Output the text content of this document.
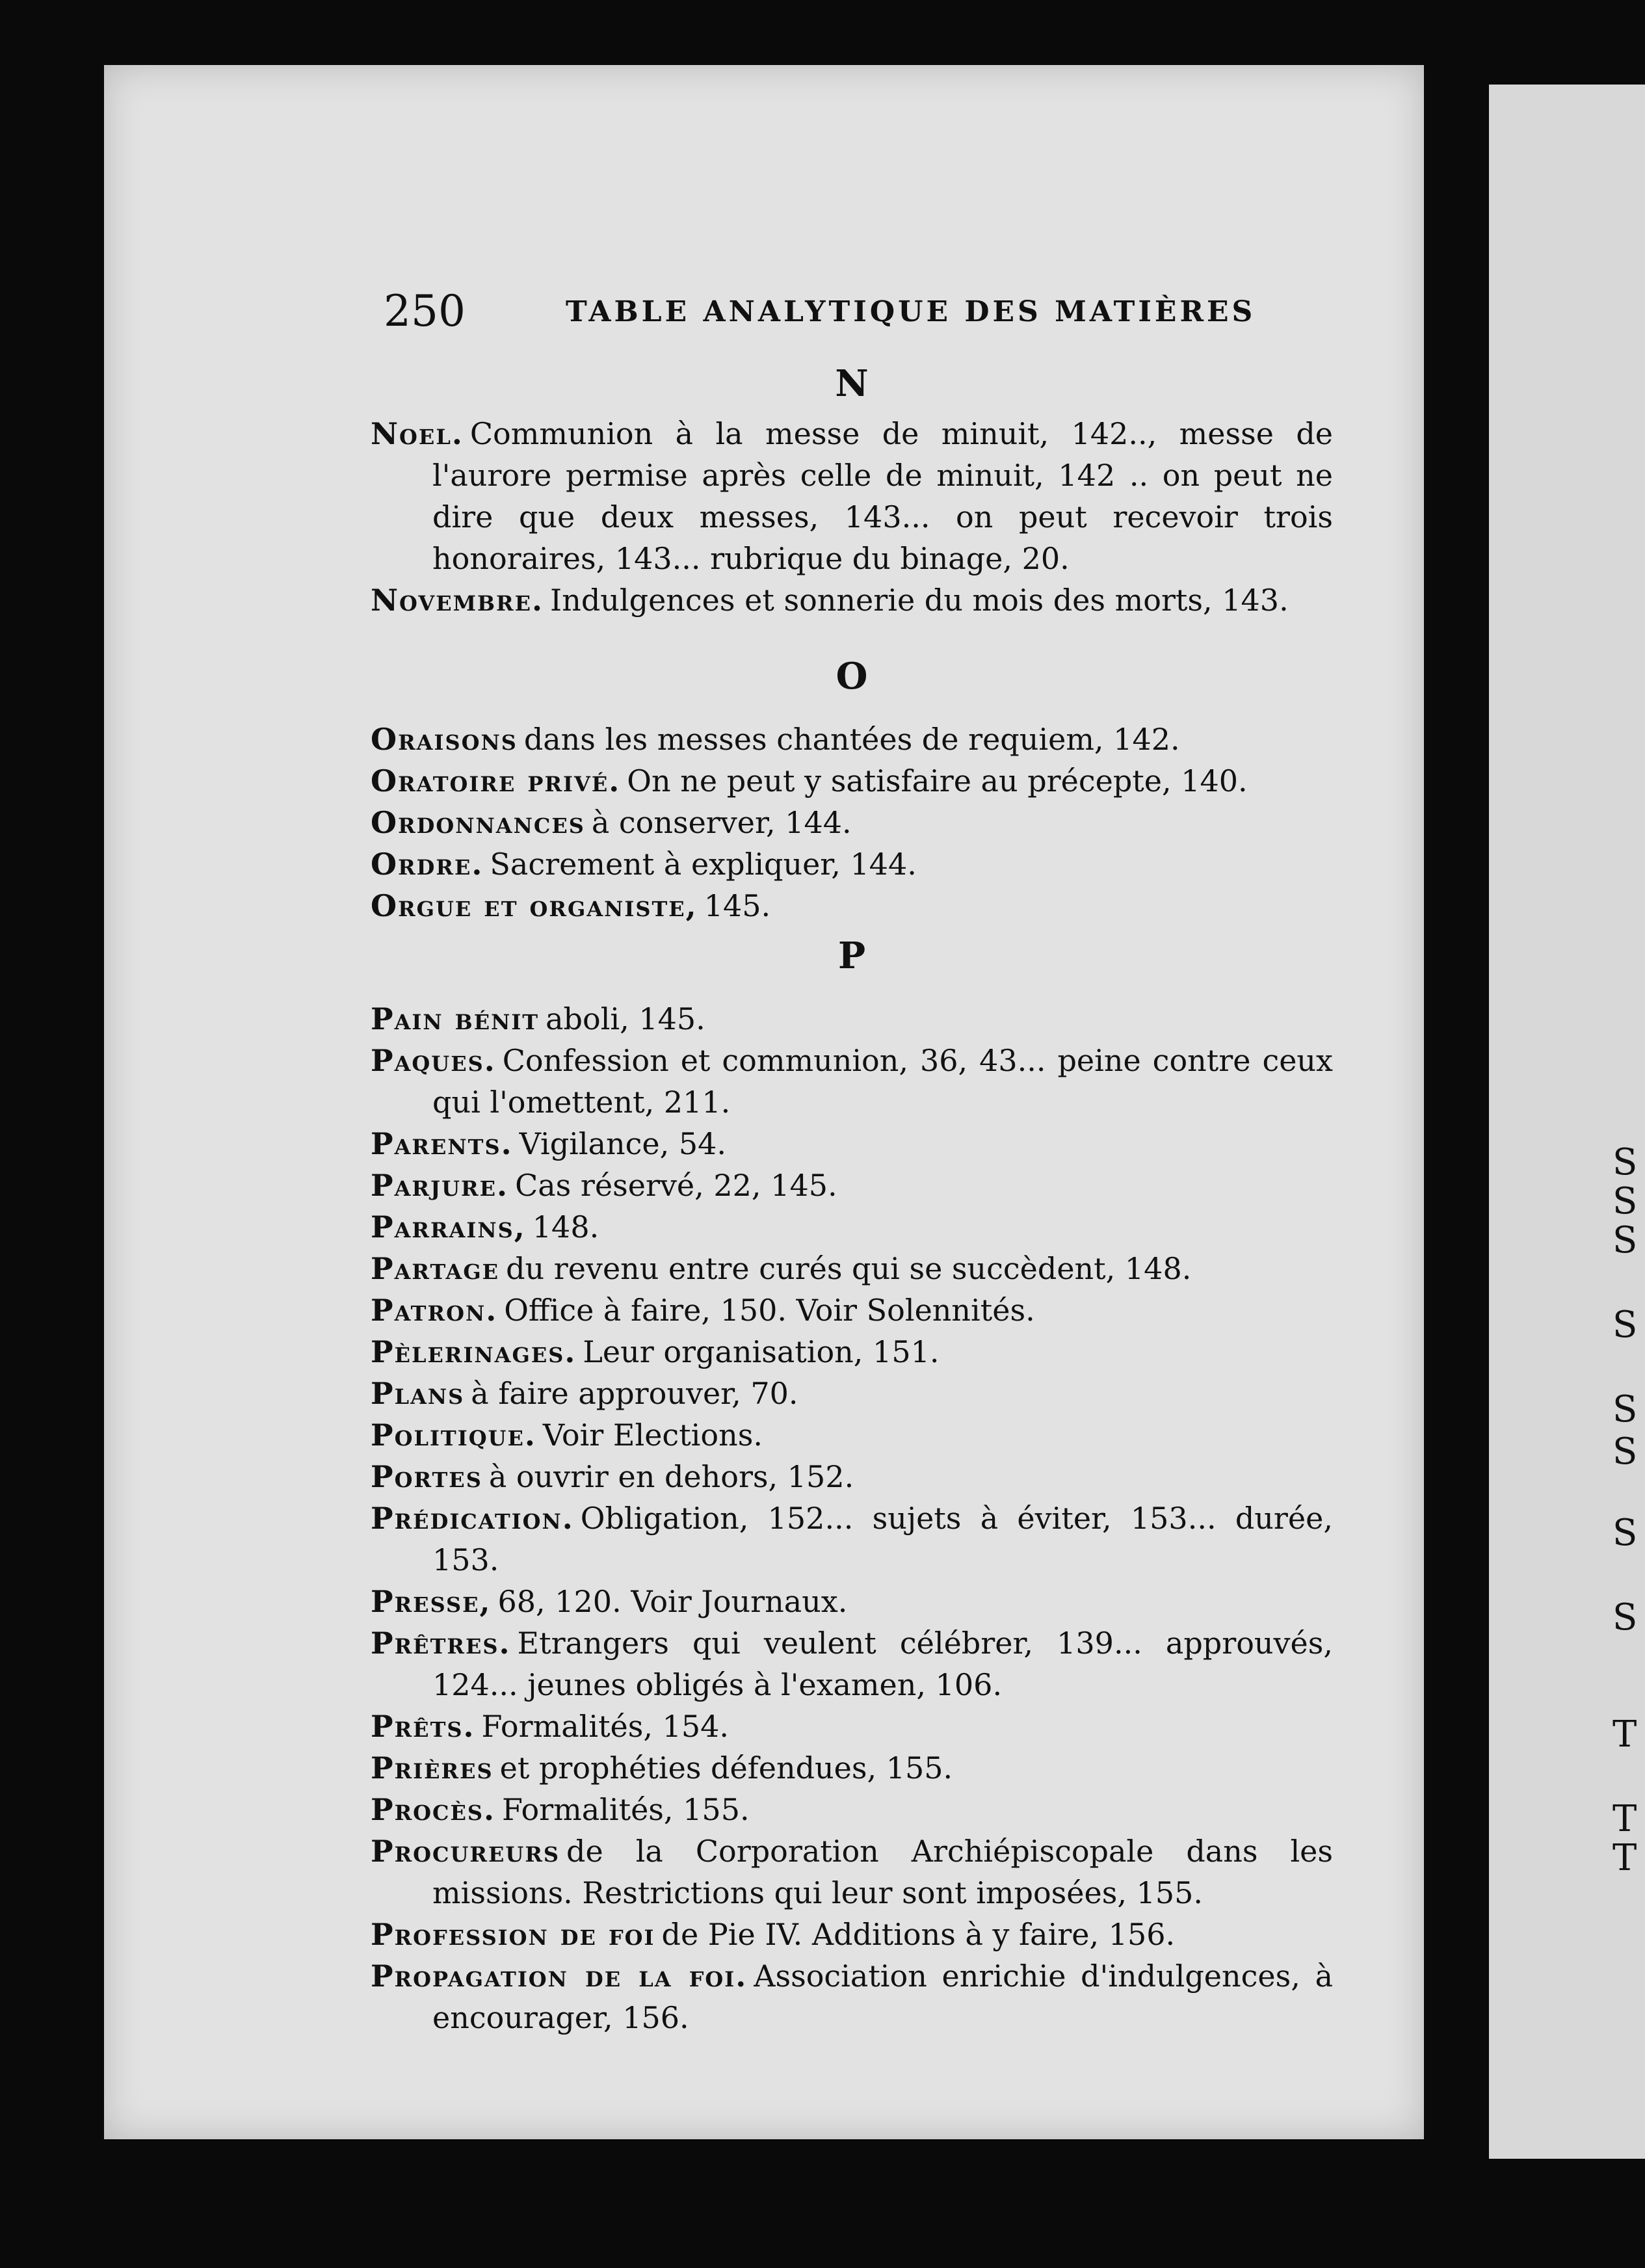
S
S
S
S
S
S
S
S
T
T
T
250	TABLE ANALYTIQUE DES MATIÈRES
N

Noel. Communion à la messe de minuit, 142.., messe de l'aurore permise après celle de minuit, 142 .. on peut ne dire que deux messes, 143... on peut recevoir trois honoraires, 143... rubrique du binage, 20.

Novembre. Indulgences et sonnerie du mois des morts, 143.

O

Oraisons dans les messes chantées de requiem, 142.

Oratoire privé. On ne peut y satisfaire au précepte, 140.

Ordonnances à conserver, 144.

Ordre. Sacrement à expliquer, 144.

Orgue et organiste, 145.

P

Pain bénit aboli, 145.

Paques. Confession et communion, 36, 43... peine contre ceux qui l'omettent, 211.

Parents. Vigilance, 54.

Parjure. Cas réservé, 22, 145.

Parrains, 148.

Partage du revenu entre curés qui se succèdent, 148.

Patron. Office à faire, 150. Voir Solennités.

Pèlerinages. Leur organisation, 151.

Plans à faire approuver, 70.

Politique. Voir Elections.

Portes à ouvrir en dehors, 152.

Prédication. Obligation, 152... sujets à éviter, 153... durée, 153.

Presse, 68, 120. Voir Journaux.

Prêtres. Etrangers qui veulent célébrer, 139... approuvés, 124... jeunes obligés à l'examen, 106.

Prêts. Formalités, 154.

Prières et prophéties défendues, 155.

Procès. Formalités, 155.

Procureurs de la Corporation Archiépiscopale dans les missions. Restrictions qui leur sont imposées, 155.

Profession de foi de Pie IV. Additions à y faire, 156.

Propagation de la foi. Association enrichie d'indulgences, à encourager, 156.
